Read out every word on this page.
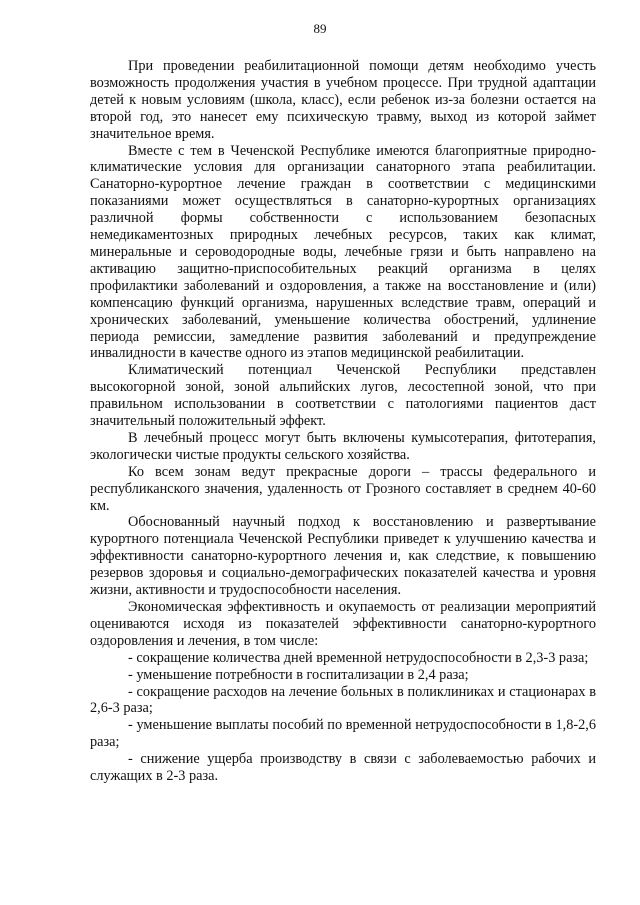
89

При проведении реабилитационной помощи детям необходимо учесть возможность продолжения участия в учебном процессе. При трудной адаптации детей к новым условиям (школа, класс), если ребенок из-за болезни остается на второй год, это нанесет ему психическую травму, выход из которой займет значительное время.

Вместе с тем в Чеченской Республике имеются благоприятные природно-климатические условия для организации санаторного этапа реабилитации. Санаторно-курортное лечение граждан в соответствии с медицинскими показаниями может осуществляться в санаторно-курортных организациях различной формы собственности с использованием безопасных немедикаментозных природных лечебных ресурсов, таких как климат, минеральные и сероводородные воды, лечебные грязи и быть направлено на активацию защитно-приспособительных реакций организма в целях профилактики заболеваний и оздоровления, а также на восстановление и (или) компенсацию функций организма, нарушенных вследствие травм, операций и хронических заболеваний, уменьшение количества обострений, удлинение периода ремиссии, замедление развития заболеваний и предупреждение инвалидности в качестве одного из этапов медицинской реабилитации.

Климатический потенциал Чеченской Республики представлен высокогорной зоной, зоной альпийских лугов, лесостепной зоной, что при правильном использовании в соответствии с патологиями пациентов даст значительный положительный эффект.

В лечебный процесс могут быть включены кумысотерапия, фитотерапия, экологически чистые продукты сельского хозяйства.

Ко всем зонам ведут прекрасные дороги – трассы федерального и республиканского значения, удаленность от Грозного составляет в среднем 40-60 км.

Обоснованный научный подход к восстановлению и развертывание курортного потенциала Чеченской Республики приведет к улучшению качества и эффективности санаторно-курортного лечения и, как следствие, к повышению резервов здоровья и социально-демографических показателей качества и уровня жизни, активности и трудоспособности населения.

Экономическая эффективность и окупаемость от реализации мероприятий оцениваются исходя из показателей эффективности санаторно-курортного оздоровления и лечения, в том числе:

- сокращение количества дней временной нетрудоспособности в 2,3-3 раза;

- уменьшение потребности в госпитализации в 2,4 раза;

- сокращение расходов на лечение больных в поликлиниках и стационарах в 2,6-3 раза;

- уменьшение выплаты пособий по временной нетрудоспособности в 1,8-2,6 раза;

- снижение ущерба производству в связи с заболеваемостью рабочих и служащих в 2-3 раза.
